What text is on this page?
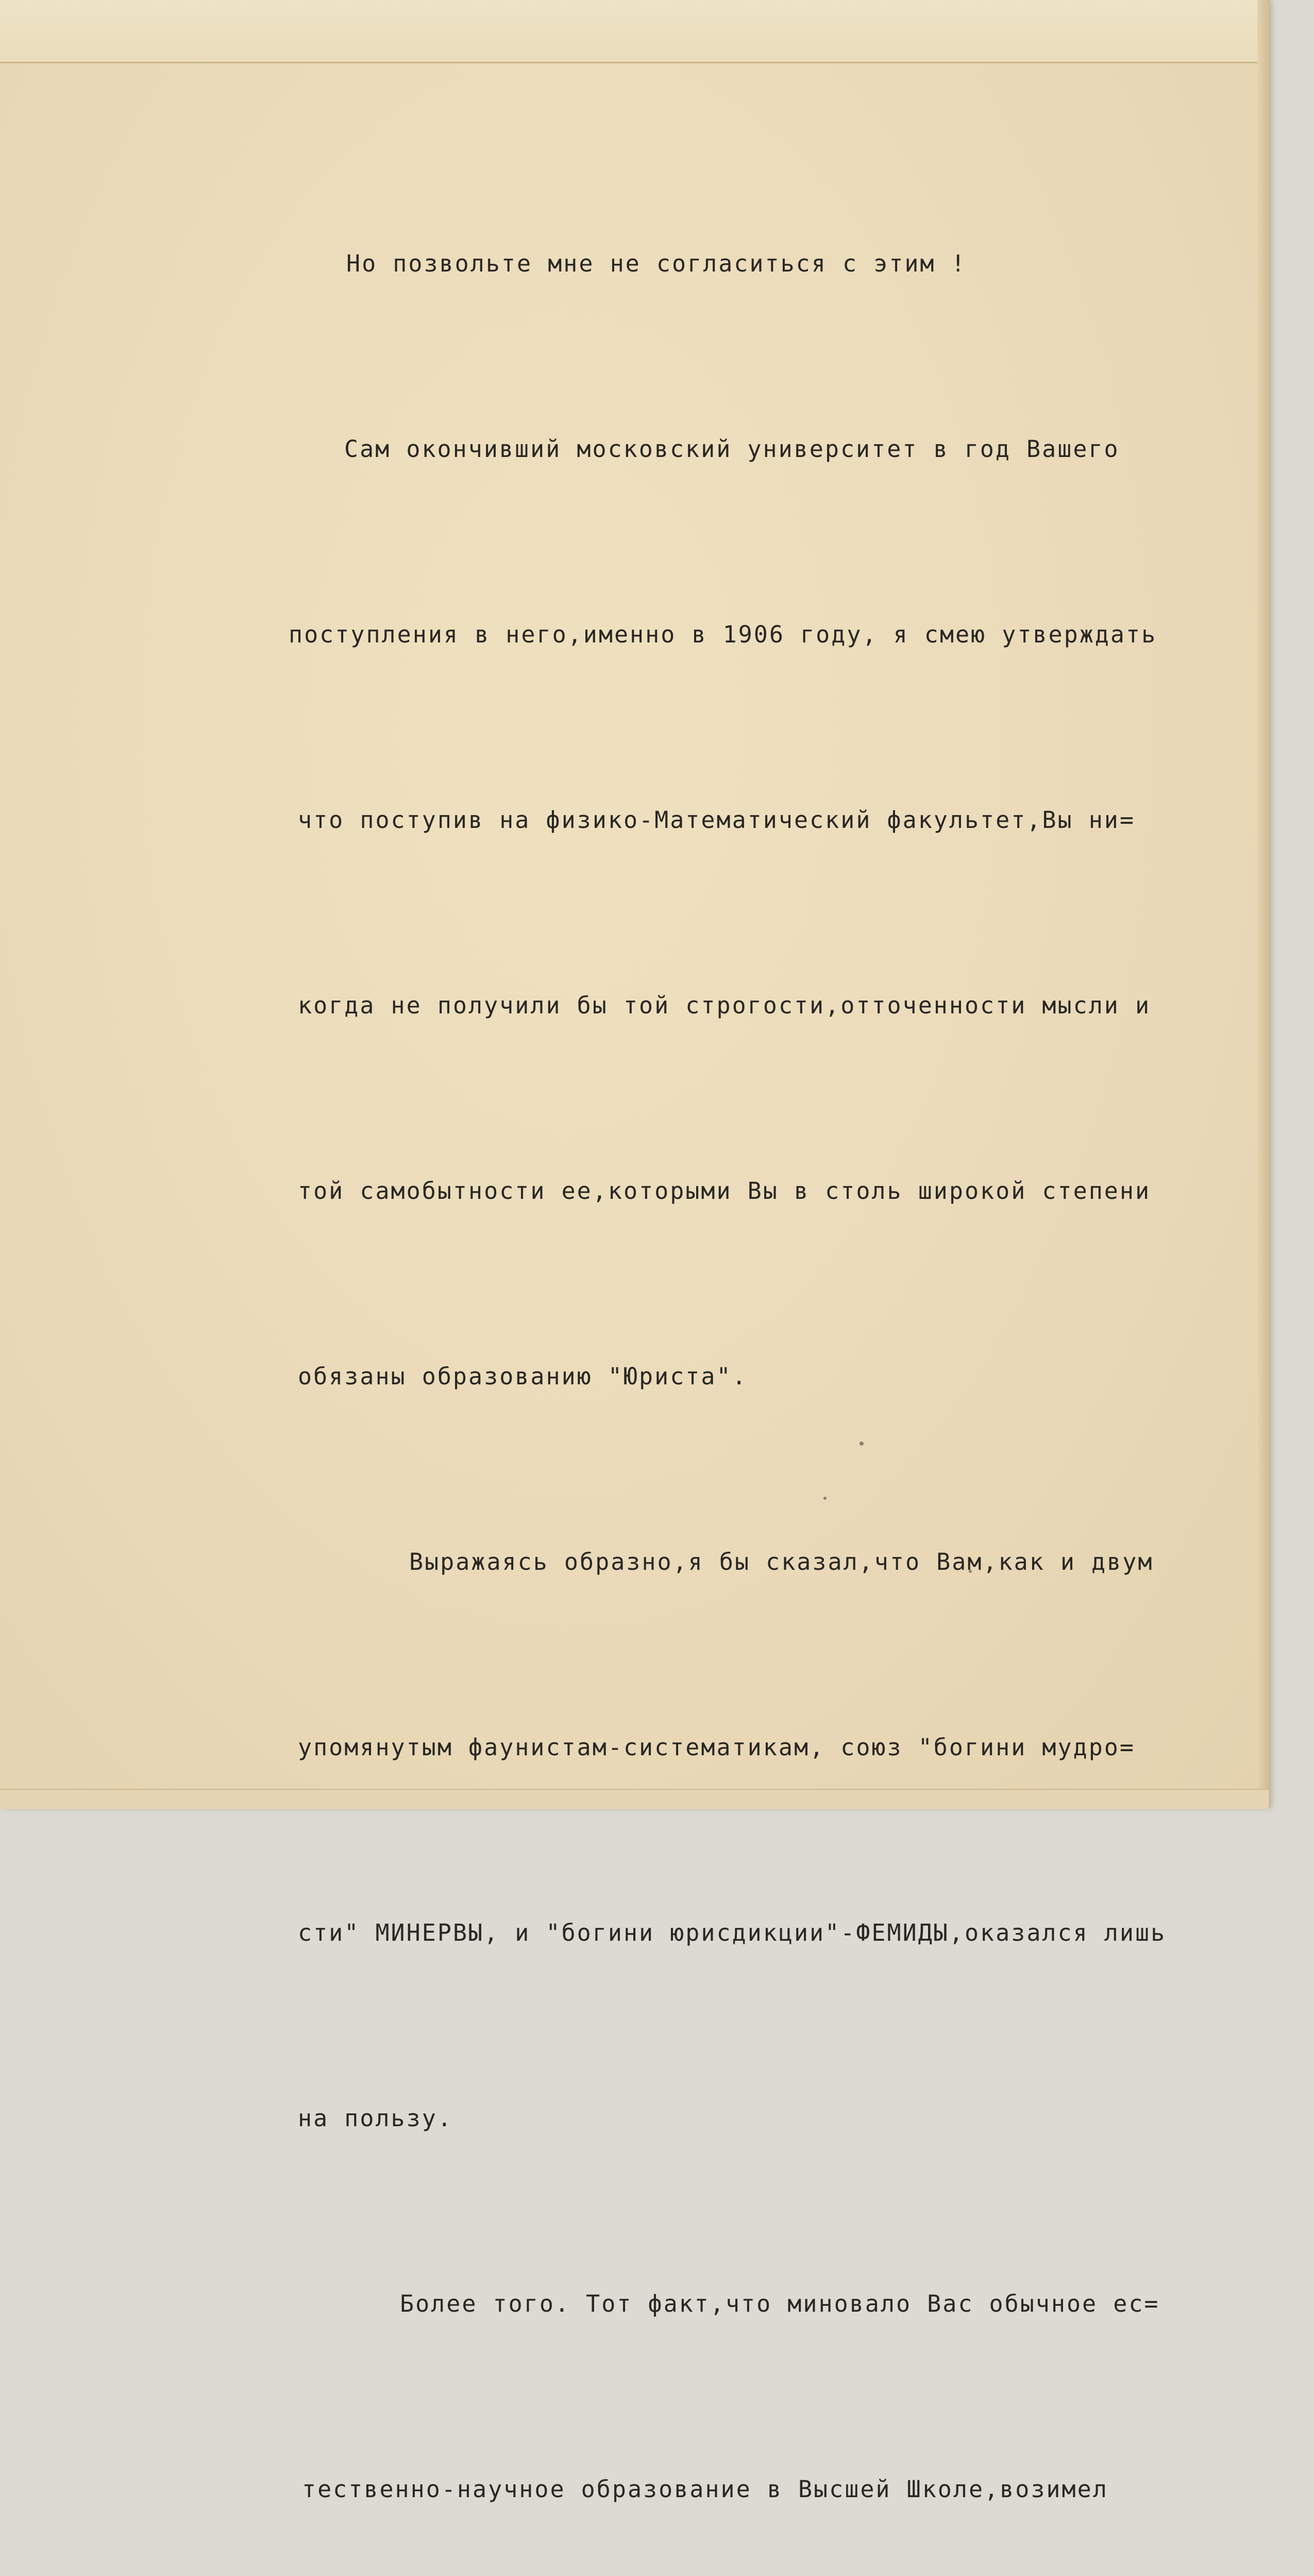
Но позвольте мне не согласиться с этим !

Сам окончивший московский университет в год Вашего

поступления в него,именно в 1906 году, я смею утверждать

что поступив на физико-Математический факультет,Вы ни=

когда не получили бы той строгости,отточенности мысли и

той самобытности ее,которыми Вы в столь широкой степени

обязаны образованию "Юриста".

Выражаясь образно,я бы сказал,что Вам,как и двум

упомянутым фаунистам-систематикам, союз "богини мудро=

сти" МИНЕРВЫ, и "богини юрисдикции"-ФЕМИДЫ,оказался лишь

на пользу.

Более того. Тот факт,что миновало Вас обычное ес=

тественно-научное образование в Высшей Школе,возимел
